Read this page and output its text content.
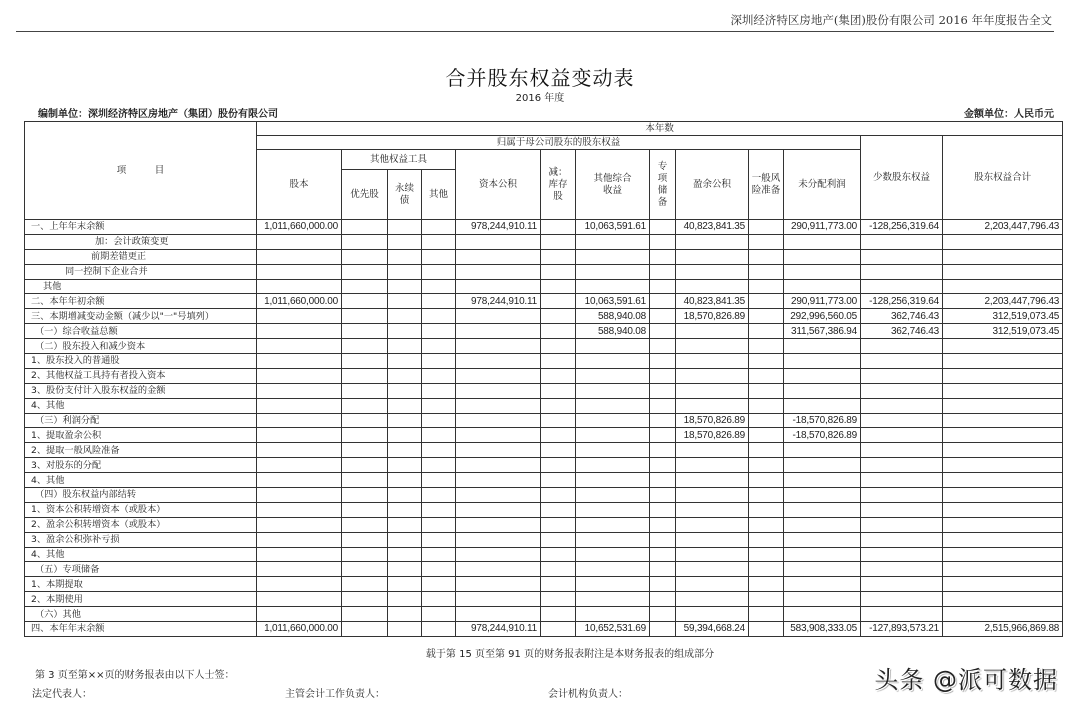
深圳经济特区房地产(集团)股份有限公司 2016 年年度报告全文
合并股东权益变动表
2016 年度
编制单位：深圳经济特区房地产（集团）股份有限公司	金额单位：人民币元
项　　　目	本年数												
	归属于母公司股东的股东权益											少数股东权益	股东权益合计
	股本	其他权益工具			资本公积	减：库存股	其他综合收益	专项储备	盈余公积	一般风险准备	未分配利润		
		优先股	永续债	其他									
一、上年年末余额	1,011,660,000.00				978,244,910.11		10,063,591.61		40,823,841.35		290,911,773.00	-128,256,319.64	2,203,447,796.43
加：会计政策变更													
前期差错更正													
同一控制下企业合并													
其他													
二、本年年初余额	1,011,660,000.00				978,244,910.11		10,063,591.61		40,823,841.35		290,911,773.00	-128,256,319.64	2,203,447,796.43
三、本期增减变动金额（减少以"一"号填列）							588,940.08		18,570,826.89		292,996,560.05	362,746.43	312,519,073.45
（一）综合收益总额							588,940.08				311,567,386.94	362,746.43	312,519,073.45
（二）股东投入和减少资本													
1、股东投入的普通股													
2、其他权益工具持有者投入资本													
3、股份支付计入股东权益的金额													
4、其他													
（三）利润分配									18,570,826.89		-18,570,826.89		
1、提取盈余公积									18,570,826.89		-18,570,826.89		
2、提取一般风险准备													
3、对股东的分配													
4、其他													
（四）股东权益内部结转													
1、资本公积转增资本（或股本）													
2、盈余公积转增资本（或股本）													
3、盈余公积弥补亏损													
4、其他													
（五）专项储备													
1、本期提取													
2、本期使用													
（六）其他													
四、本年年末余额	1,011,660,000.00				978,244,910.11		10,652,531.69		59,394,668.24		583,908,333.05	-127,893,573.21	2,515,966,869.88
载于第 15 页至第 91 页的财务报表附注是本财务报表的组成部分
第 3 页至第××页的财务报表由以下人士签：
法定代表人：	主管会计工作负责人：	会计机构负责人：
头条 @派可数据
